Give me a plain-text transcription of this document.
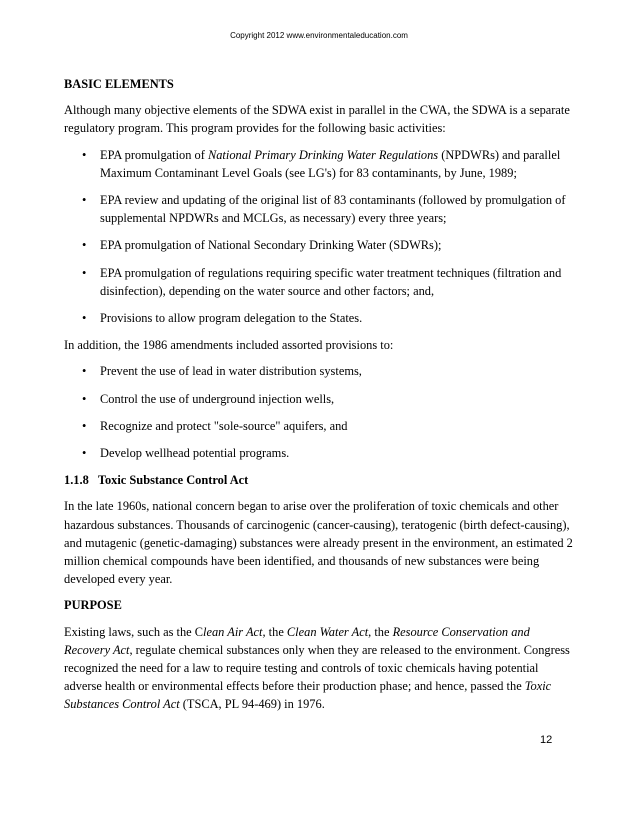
Copyright 2012 www.environmentaleducation.com
BASIC ELEMENTS
Although many objective elements of the SDWA exist in parallel in the CWA, the SDWA is a separate regulatory program. This program provides for the following basic activities:
• EPA promulgation of National Primary Drinking Water Regulations (NPDWRs) and parallel Maximum Contaminant Level Goals (see LG's) for 83 contaminants, by June, 1989;
• EPA review and updating of the original list of 83 contaminants (followed by promulgation of supplemental NPDWRs and MCLGs, as necessary) every three years;
• EPA promulgation of National Secondary Drinking Water (SDWRs);
• EPA promulgation of regulations requiring specific water treatment techniques (filtration and disinfection), depending on the water source and other factors; and,
• Provisions to allow program delegation to the States.
In addition, the 1986 amendments included assorted provisions to:
• Prevent the use of lead in water distribution systems,
• Control the use of underground injection wells,
• Recognize and protect "sole-source" aquifers, and
• Develop wellhead potential programs.
1.1.8   Toxic Substance Control Act
In the late 1960s, national concern began to arise over the proliferation of toxic chemicals and other hazardous substances. Thousands of carcinogenic (cancer-causing), teratogenic (birth defect-causing), and mutagenic (genetic-damaging) substances were already present in the environment, an estimated 2 million chemical compounds have been identified, and thousands of new substances were being developed every year.
PURPOSE
Existing laws, such as the Clean Air Act, the Clean Water Act, the Resource Conservation and Recovery Act, regulate chemical substances only when they are released to the environment. Congress recognized the need for a law to require testing and controls of toxic chemicals having potential adverse health or environmental effects before their production phase; and hence, passed the Toxic Substances Control Act (TSCA, PL 94-469) in 1976.
12
